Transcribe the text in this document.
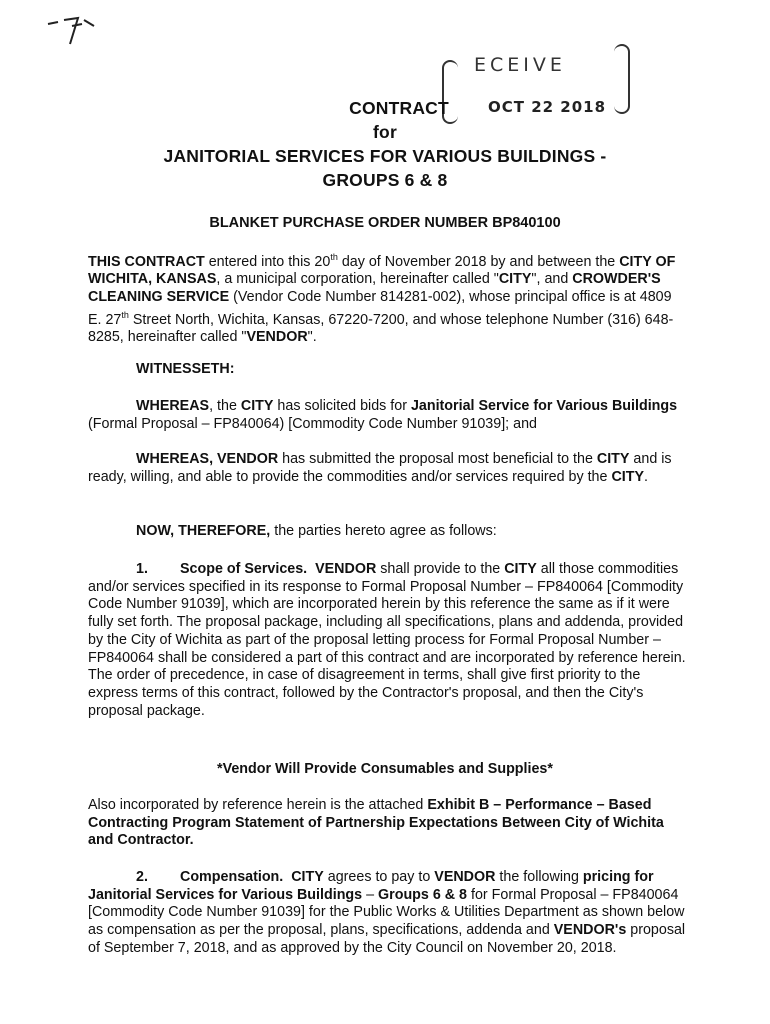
ECEIVE
OCT 22 2018
CONTRACT
for
JANITORIAL SERVICES FOR VARIOUS BUILDINGS -
GROUPS 6 & 8
BLANKET PURCHASE ORDER NUMBER BP840100

THIS CONTRACT entered into this 20th day of November 2018 by and between the CITY OF WICHITA, KANSAS, a municipal corporation, hereinafter called "CITY", and CROWDER'S CLEANING SERVICE (Vendor Code Number 814281-002), whose principal office is at 4809 E. 27th Street North, Wichita, Kansas, 67220-7200, and whose telephone Number (316) 648-8285, hereinafter called "VENDOR".

WITNESSETH:

WHEREAS, the CITY has solicited bids for Janitorial Service for Various Buildings (Formal Proposal – FP840064) [Commodity Code Number 91039]; and

WHEREAS, VENDOR has submitted the proposal most beneficial to the CITY and is ready, willing, and able to provide the commodities and/or services required by the CITY.

NOW, THEREFORE, the parties hereto agree as follows:

1. Scope of Services. VENDOR shall provide to the CITY all those commodities and/or services specified in its response to Formal Proposal Number – FP840064 [Commodity Code Number 91039], which are incorporated herein by this reference the same as if it were fully set forth. The proposal package, including all specifications, plans and addenda, provided by the City of Wichita as part of the proposal letting process for Formal Proposal Number – FP840064 shall be considered a part of this contract and are incorporated by reference herein. The order of precedence, in case of disagreement in terms, shall give first priority to the express terms of this contract, followed by the Contractor's proposal, and then the City's proposal package.

*Vendor Will Provide Consumables and Supplies*

Also incorporated by reference herein is the attached Exhibit B – Performance – Based Contracting Program Statement of Partnership Expectations Between City of Wichita and Contractor.

2. Compensation. CITY agrees to pay to VENDOR the following pricing for Janitorial Services for Various Buildings – Groups 6 & 8 for Formal Proposal – FP840064 [Commodity Code Number 91039] for the Public Works & Utilities Department as shown below as compensation as per the proposal, plans, specifications, addenda and VENDOR's proposal of September 7, 2018, and as approved by the City Council on November 20, 2018.
